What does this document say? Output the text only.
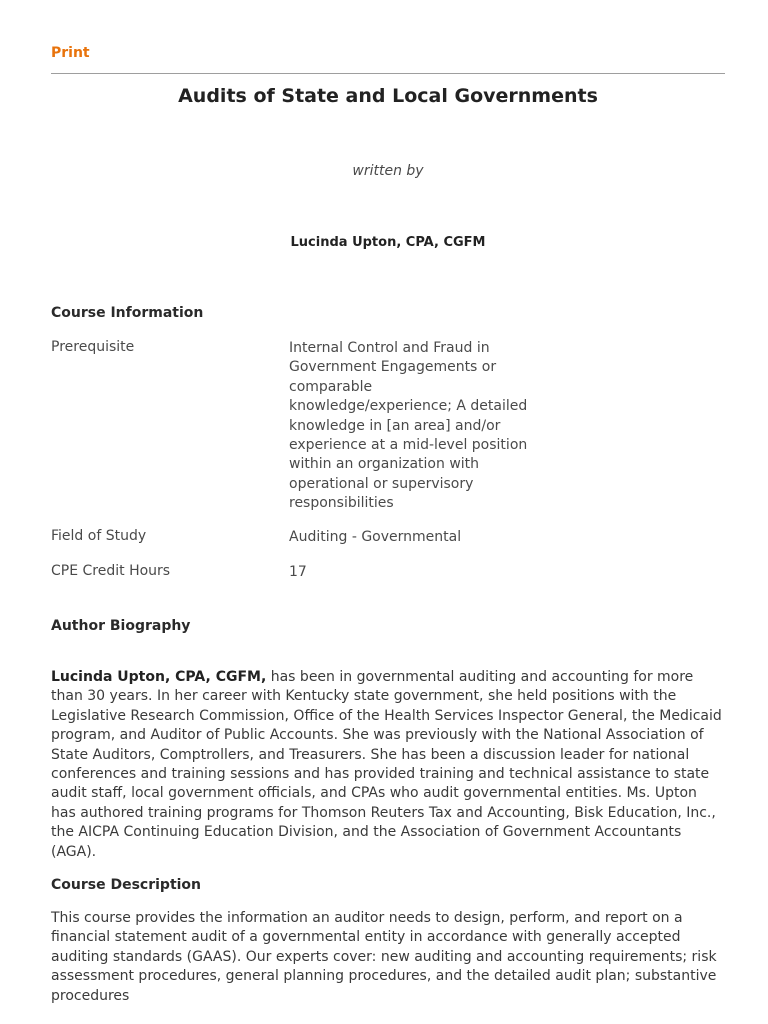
Print
Audits of State and Local Governments
written by
Lucinda Upton, CPA, CGFM
Course Information
Prerequisite	Internal Control and Fraud in Government Engagements or comparable knowledge/experience; A detailed knowledge in [an area] and/or experience at a mid-level position within an organization with operational or supervisory responsibilities
Field of Study	Auditing - Governmental
CPE Credit Hours	17
Author Biography

Lucinda Upton, CPA, CGFM, has been in governmental auditing and accounting for more than 30 years. In her career with Kentucky state government, she held positions with the Legislative Research Commission, Office of the Health Services Inspector General, the Medicaid program, and Auditor of Public Accounts. She was previously with the National Association of State Auditors, Comptrollers, and Treasurers. She has been a discussion leader for national conferences and training sessions and has provided training and technical assistance to state audit staff, local government officials, and CPAs who audit governmental entities. Ms. Upton has authored training programs for Thomson Reuters Tax and Accounting, Bisk Education, Inc., the AICPA Continuing Education Division, and the Association of Government Accountants (AGA).

Course Description

This course provides the information an auditor needs to design, perform, and report on a financial statement audit of a governmental entity in accordance with generally accepted auditing standards (GAAS). Our experts cover: new auditing and accounting requirements; risk assessment procedures, general planning procedures, and the detailed audit plan; substantive procedures
